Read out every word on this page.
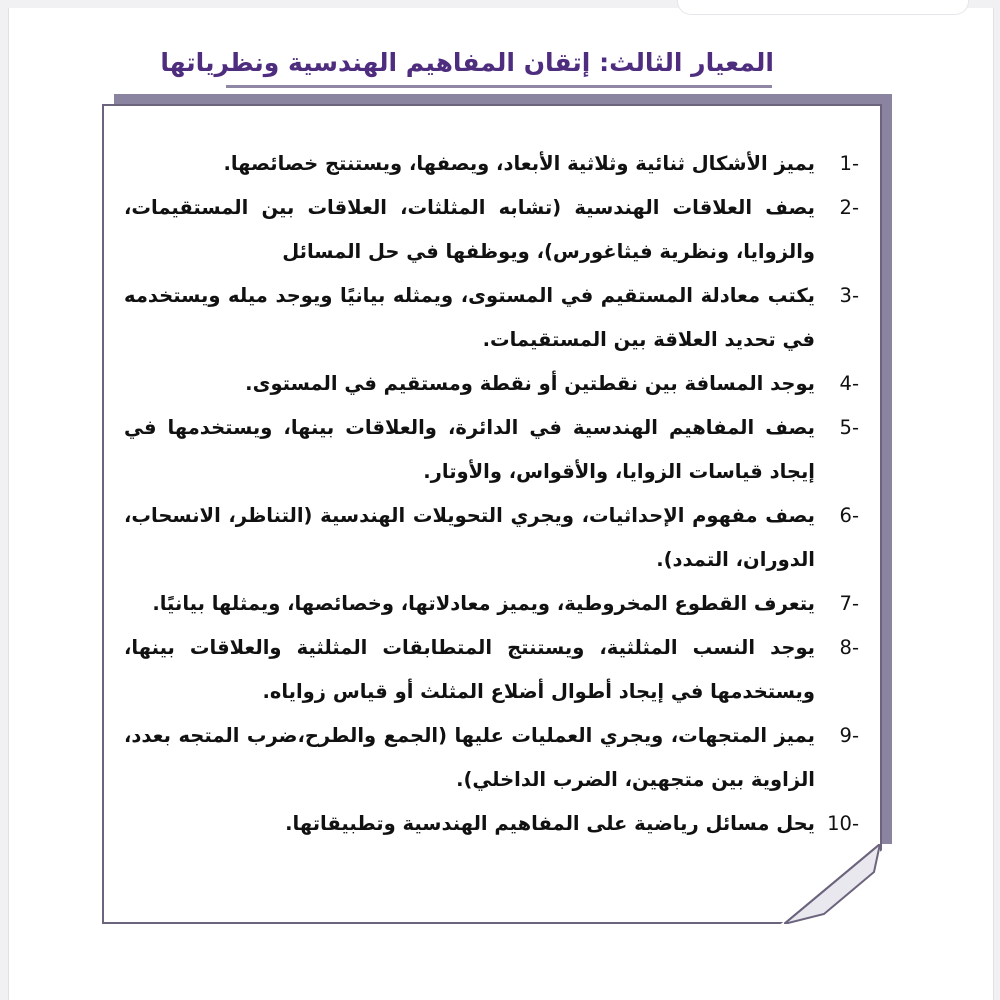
المعيار الثالث: إتقان المفاهيم الهندسية ونظرياتها
1-
يميز الأشكال ثنائية وثلاثية الأبعاد، ويصفها، ويستنتج خصائصها.
2-
يصف العلاقات الهندسية (تشابه المثلثات، العلاقات بين المستقيمات، والزوايا، ونظرية فيثاغورس)، ويوظفها في حل المسائل
3-
يكتب معادلة المستقيم في المستوى، ويمثله بيانيًا ويوجد ميله ويستخدمه في تحديد العلاقة بين المستقيمات.
4-
يوجد المسافة بين نقطتين أو نقطة ومستقيم في المستوى.
5-
يصف المفاهيم الهندسية في الدائرة، والعلاقات بينها، ويستخدمها في إيجاد قياسات الزوايا، والأقواس، والأوتار.
6-
يصف مفهوم الإحداثيات، ويجري التحويلات الهندسية (التناظر، الانسحاب، الدوران، التمدد).
7-
يتعرف القطوع المخروطية، ويميز معادلاتها، وخصائصها، ويمثلها بيانيًا.
8-
يوجد النسب المثلثية، ويستنتج المتطابقات المثلثية والعلاقات بينها، ويستخدمها في إيجاد أطوال أضلاع المثلث أو قياس زواياه.
9-
يميز المتجهات، ويجري العمليات عليها (الجمع والطرح،ضرب المتجه بعدد، الزاوية بين متجهين، الضرب الداخلي).
10-
يحل مسائل رياضية على المفاهيم الهندسية وتطبيقاتها.
